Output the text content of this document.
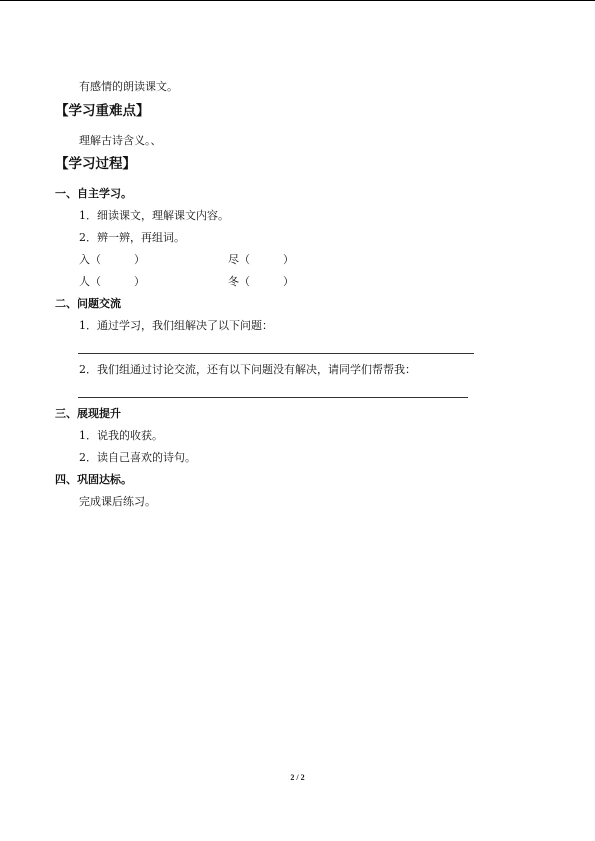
有感情的朗读课文。
【学习重难点】
理解古诗含义。、
【学习过程】
一、自主学习。
1．细读课文，理解课文内容。
2．辨一辨，再组词。
入（　　　）	尽（　　　）
人（　　　）	冬（　　　）
二、问题交流
1．通过学习，我们组解决了以下问题：
2．我们组通过讨论交流，还有以下问题没有解决，请同学们帮帮我：
三、展现提升
1．说我的收获。
2．读自己喜欢的诗句。
四、巩固达标。
完成课后练习。
2 / 2
